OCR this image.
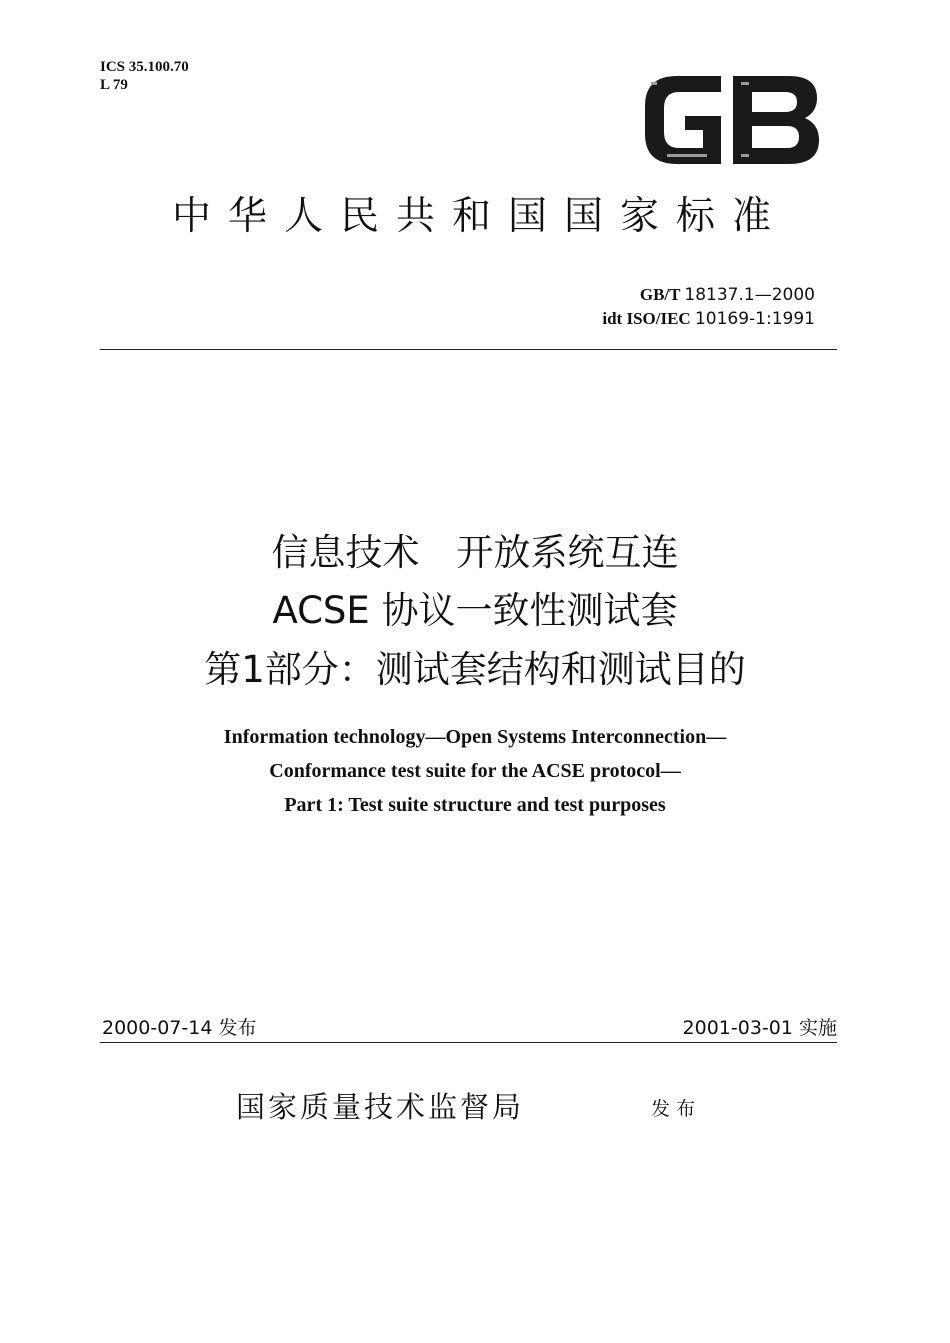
ICS 35.100.70
L 79
中华人民共和国国家标准
GB/T 18137.1—2000
idt ISO/IEC 10169-1:1991
信息技术　开放系统互连
ACSE 协议一致性测试套
第1部分：测试套结构和测试目的
Information technology—Open Systems Interconnection—
Conformance test suite for the ACSE protocol—
Part 1: Test suite structure and test purposes
2000-07-14 发布	2001-03-01 实施
国家质量技术监督局	发布
